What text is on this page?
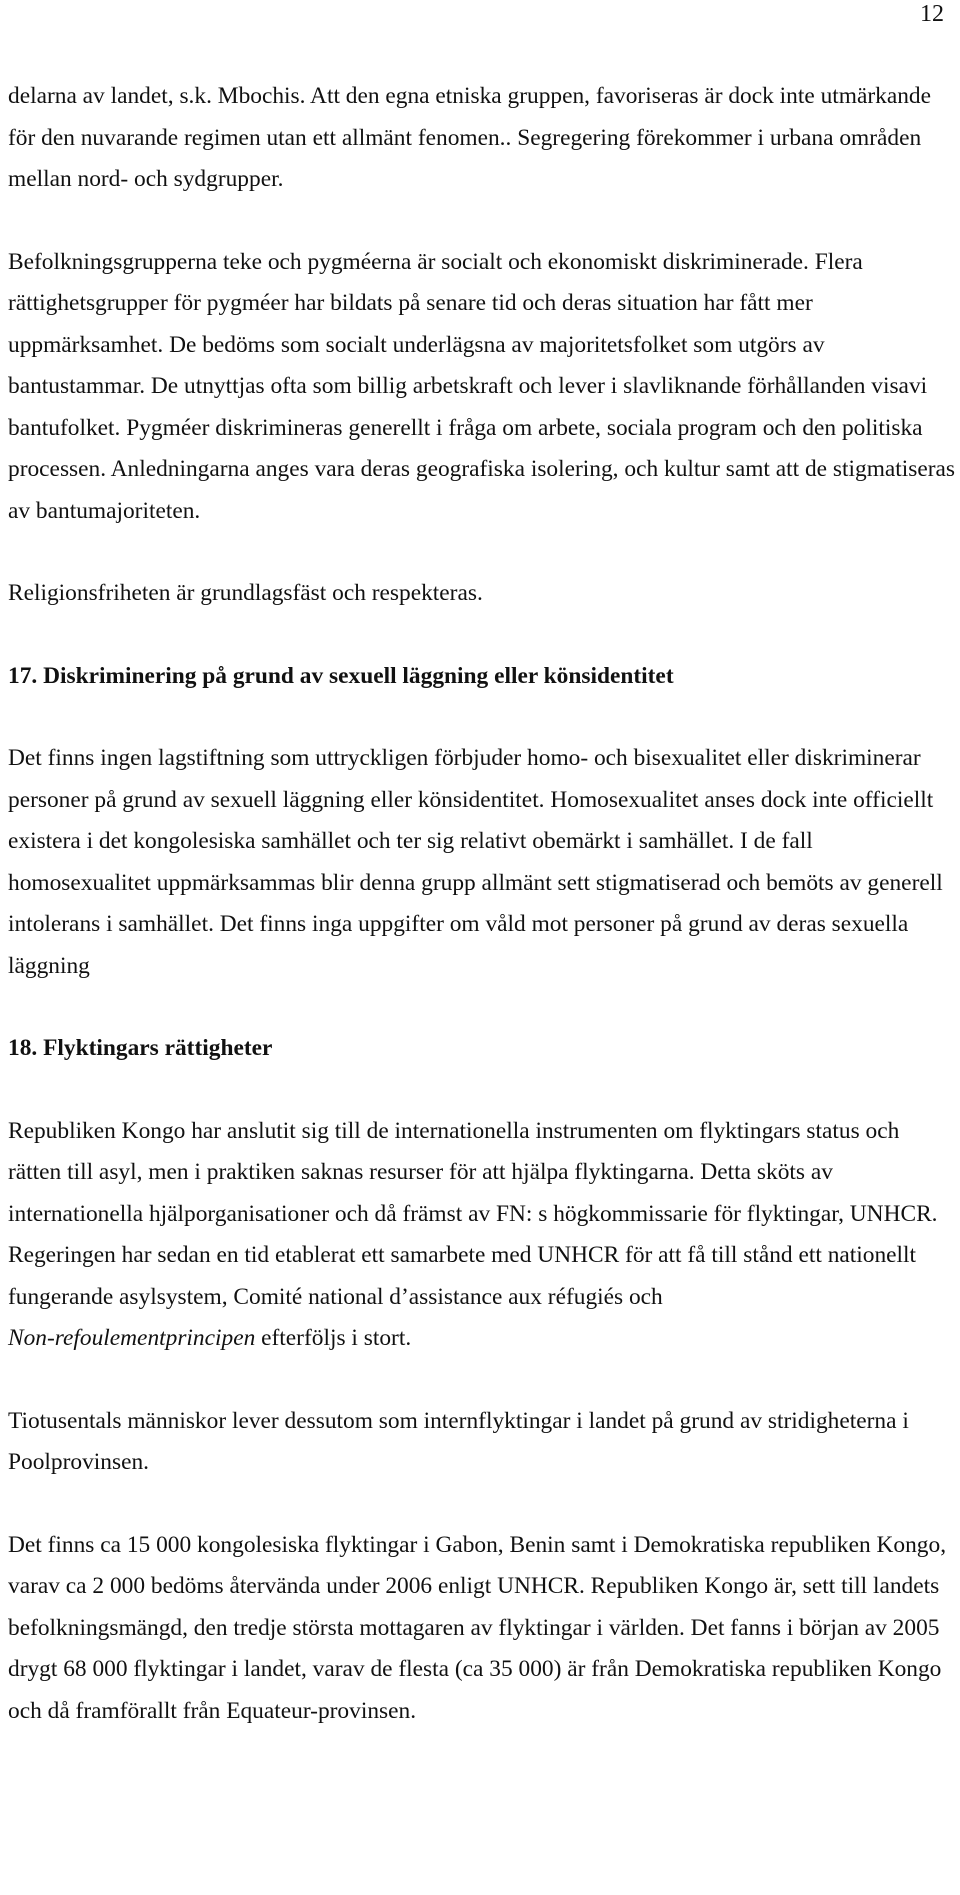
12

delarna av landet, s.k. Mbochis. Att den egna etniska gruppen, favoriseras är dock inte utmärkande för den nuvarande regimen utan ett allmänt fenomen.. Segregering förekommer i urbana områden mellan nord- och sydgrupper.

Befolkningsgrupperna teke och pygméerna är socialt och ekonomiskt diskriminerade. Flera rättighetsgrupper för pygméer har bildats på senare tid och deras situation har fått mer uppmärksamhet. De bedöms som socialt underlägsna av majoritetsfolket som utgörs av bantustammar. De utnyttjas ofta som billig arbetskraft och lever i slavliknande förhållanden visavi bantufolket. Pygméer diskrimineras generellt i fråga om arbete, sociala program och den politiska processen. Anledningarna anges vara deras geografiska isolering, och kultur samt att de stigmatiseras av bantumajoriteten.

Religionsfriheten är grundlagsfäst och respekteras.

17. Diskriminering på grund av sexuell läggning eller könsidentitet

Det finns ingen lagstiftning som uttryckligen förbjuder homo- och bisexualitet eller diskriminerar personer på grund av sexuell läggning eller könsidentitet. Homosexualitet anses dock inte officiellt existera i det kongolesiska samhället och ter sig relativt obemärkt i samhället. I de fall homosexualitet uppmärksammas blir denna grupp allmänt sett stigmatiserad och bemöts av generell intolerans i samhället. Det finns inga uppgifter om våld mot personer på grund av deras sexuella läggning

18. Flyktingars rättigheter

Republiken Kongo har anslutit sig till de internationella instrumenten om flyktingars status och rätten till asyl, men i praktiken saknas resurser för att hjälpa flyktingarna. Detta sköts av internationella hjälporganisationer och då främst av FN: s högkommissarie för flyktingar, UNHCR. Regeringen har sedan en tid etablerat ett samarbete med UNHCR för att få till stånd ett nationellt fungerande asylsystem, Comité national d’assistance aux réfugiés och
Non-refoulementprincipen efterföljs i stort.

Tiotusentals människor lever dessutom som internflyktingar i landet på grund av stridigheterna i Poolprovinsen.

Det finns ca 15 000 kongolesiska flyktingar i Gabon, Benin samt i Demokratiska republiken Kongo, varav ca 2 000 bedöms återvända under 2006 enligt UNHCR. Republiken Kongo är, sett till landets befolkningsmängd, den tredje största mottagaren av flyktingar i världen. Det fanns i början av 2005 drygt 68 000 flyktingar i landet, varav de flesta (ca 35 000) är från Demokratiska republiken Kongo och då framförallt från Equateur-provinsen.
